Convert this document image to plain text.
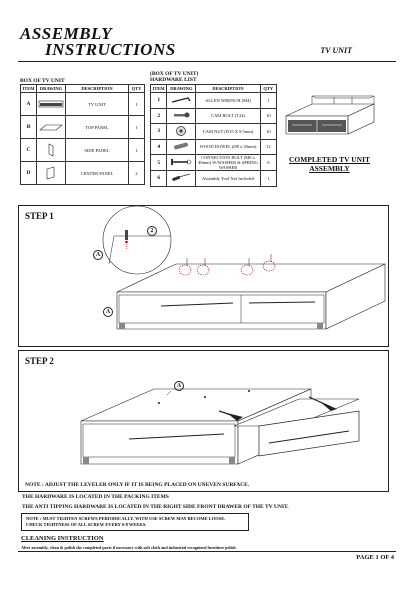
ASSEMBLY
INSTRUCTIONS	TV UNIT
BOX OF TV UNIT
ITEM	DRAWING	DESCRIPTION	QTY
A		TV UNIT	1
B		TOP PANEL	1
C		SIDE PANEL	1
D		CENTER PANEL	2
(BOX OF TV UNIT)
HARDWARE LIST
ITEM	DRAWING	DESCRIPTION	QTY
1		ALLEN WRENCH (M4)	1
2		CAM BOLT (T24)	10
3		CAM NUT (D15 X 9.5mm)	10
4		WOOD DOWEL (Ø8 x 30mm)	12
5		CONNECTION BOLT (M6 x 40mm) W/WASHER & SPRING WASHER	6
6		Assembly Tool Not Included	1
COMPLETED TV UNIT
ASSEMBLY
STEP 1
A
2
A
STEP 2
A
NOTE : ADJUST THE LEVELER ONLY IF IT IS BEING PLACED ON UNEVEN SURFACE.
THE HARDWARE IS LOCATED IN THE PACKING ITEMS
THE ANTI TIPPING HARDWARE IS LOCATED IN THE RIGHT SIDE FRONT DRAWER OF THE TV UNIT.
NOTE : MUST TIGHTEN SCREWS PERIODICALLY. WITH USE SCREW MAY BECOME LOOSE.
CHECK TIGHTNESS OF ALL SCREW EVERY 6-8 WEEKS.
CLEANING INSTRUCTION
After assembly, clean & polish the completed parts if necessary with soft cloth and industrial recognized furniture polish
PAGE 1 OF 4
